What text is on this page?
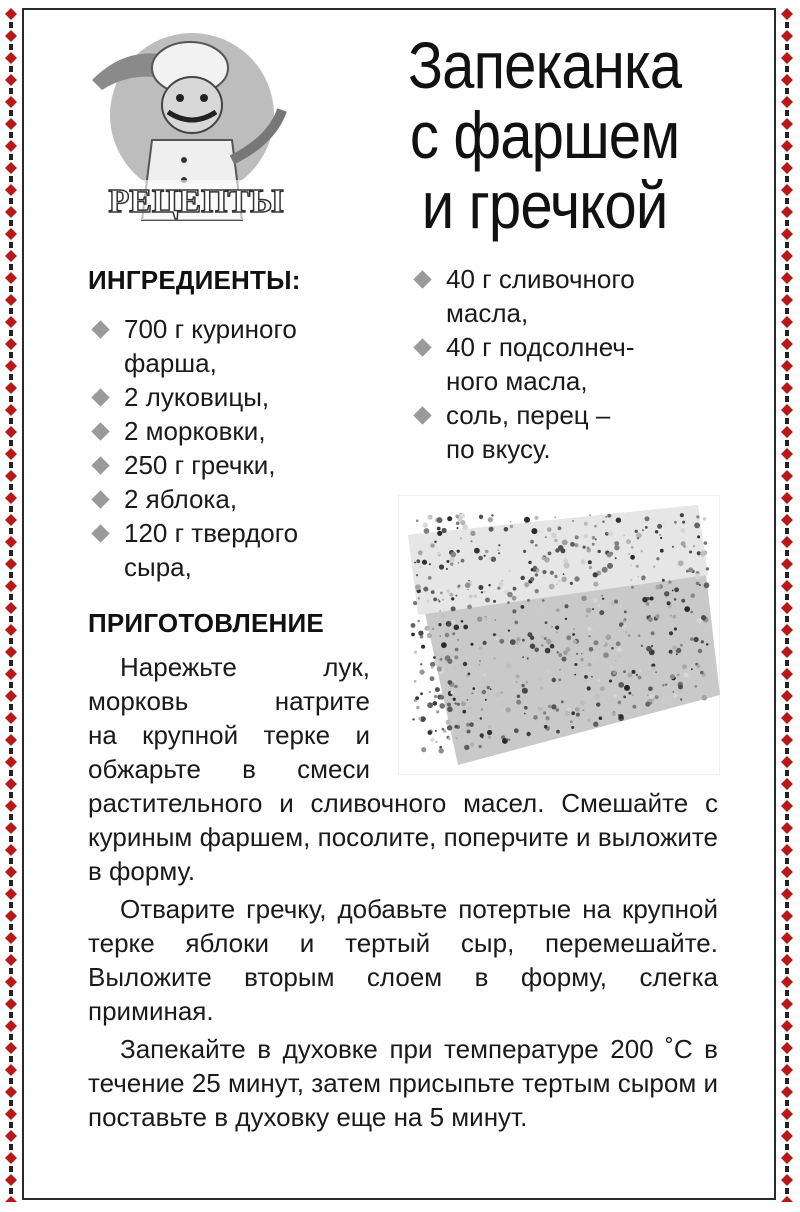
РЕЦЕПТЫ
Запеканка
с фаршем
и гречкой
ИНГРЕДИЕНТЫ:
700 г куриного
фарша,
2 луковицы,
2 морковки,
250 г гречки,
2 яблока,
120 г твердого
сыра,
40 г сливочного
масла,
40 г подсолнеч-
ного масла,
соль, перец –
по вкусу.
ПРИГОТОВЛЕНИЕ
Нарежьте лук,
морковь натрите
на крупной терке и
обжарьте в смеси

растительного и сливочного масел. Смешайте с куриным фаршем, посолите, поперчите и выложите в форму.

Отварите гречку, добавьте потертые на крупной терке яблоки и тертый сыр, перемешайте. Выложите вторым слоем в форму, слегка приминая.

Запекайте в духовке при температуре 200 ˚С в течение 25 минут, затем присыпьте тертым сыром и поставьте в духовку еще на 5 минут.
